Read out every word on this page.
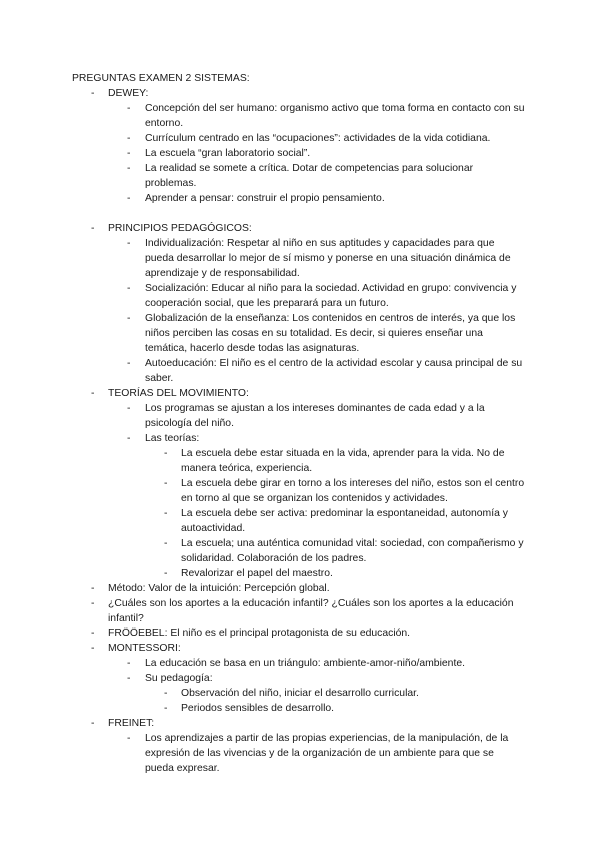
PREGUNTAS EXAMEN 2 SISTEMAS:
- DEWEY:
- Concepción del ser humano: organismo activo que toma forma en contacto con su entorno.
- Currículum centrado en las “ocupaciones”: actividades de la vida cotidiana.
- La escuela “gran laboratorio social”.
- La realidad se somete a crítica. Dotar de competencias para solucionar problemas.
- Aprender a pensar: construir el propio pensamiento.
- PRINCIPIOS PEDAGÓGICOS:
- Individualización: Respetar al niño en sus aptitudes y capacidades para que pueda desarrollar lo mejor de sí mismo y ponerse en una situación dinámica de aprendizaje y de responsabilidad.
- Socialización: Educar al niño para la sociedad. Actividad en grupo: convivencia y cooperación social, que les preparará para un futuro.
- Globalización de la enseñanza: Los contenidos en centros de interés, ya que los niños perciben las cosas en su totalidad. Es decir, si quieres enseñar una temática, hacerlo desde todas las asignaturas.
- Autoeducación: El niño es el centro de la actividad escolar y causa principal de su saber.
- TEORÍAS DEL MOVIMIENTO:
- Los programas se ajustan a los intereses dominantes de cada edad y a la psicología del niño.
- Las teorías:
- La escuela debe estar situada en la vida, aprender para la vida. No de manera teórica, experiencia.
- La escuela debe girar en torno a los intereses del niño, estos son el centro en torno al que se organizan los contenidos y actividades.
- La escuela debe ser activa: predominar la espontaneidad, autonomía y autoactividad.
- La escuela; una auténtica comunidad vital: sociedad, con compañerismo y solidaridad. Colaboración de los padres.
- Revalorizar el papel del maestro.
- Método: Valor de la intuición: Percepción global.
- ¿Cuáles son los aportes a la educación infantil? ¿Cuáles son los aportes a la educación infantil?
- FRÖÖEBEL: El niño es el principal protagonista de su educación.
- MONTESSORI:
- La educación se basa en un triángulo: ambiente-amor-niño/ambiente.
- Su pedagogía:
- Observación del niño, iniciar el desarrollo curricular.
- Periodos sensibles de desarrollo.
- FREINET:
- Los aprendizajes a partir de las propias experiencias, de la manipulación, de la expresión de las vivencias y de la organización de un ambiente para que se pueda expresar.
